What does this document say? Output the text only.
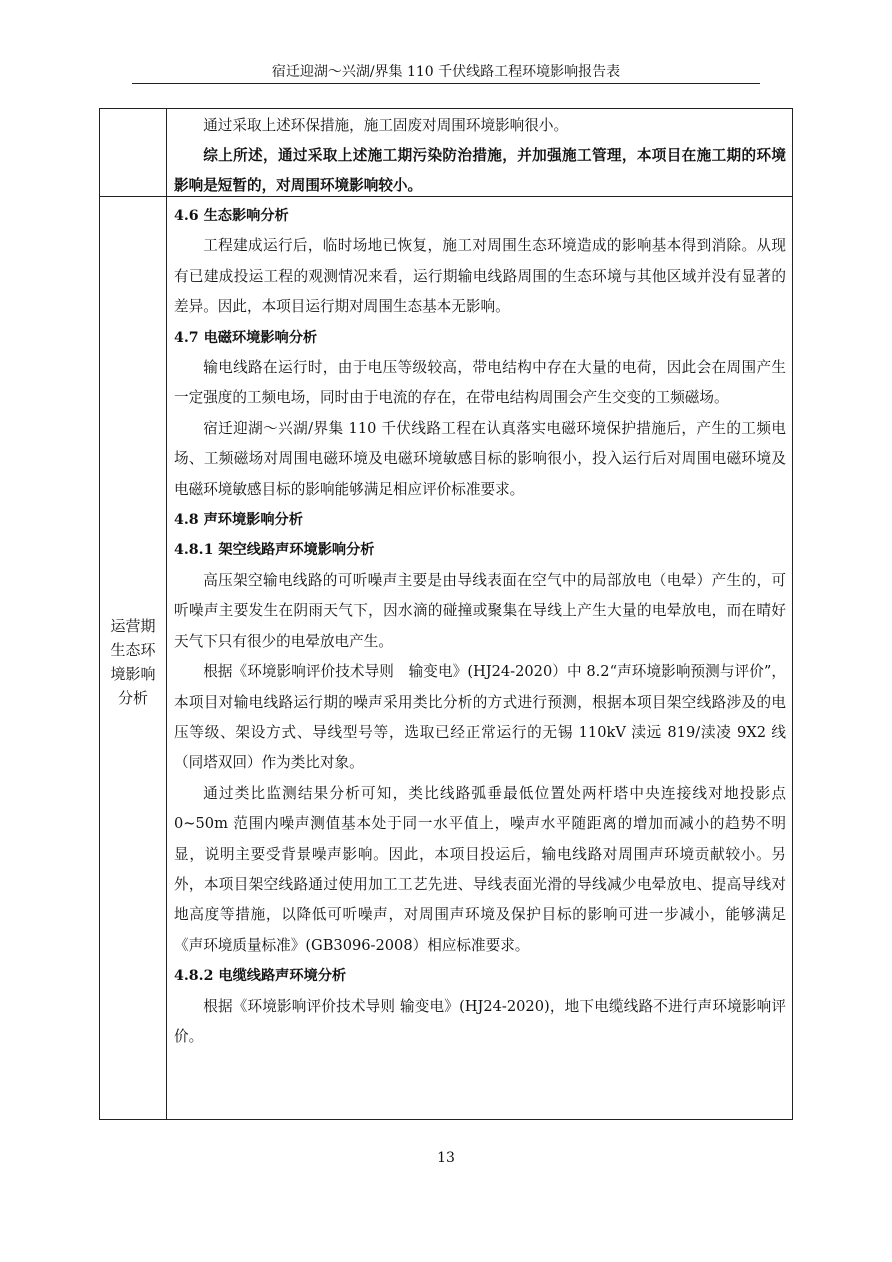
宿迁迎湖～兴湖/界集 110 千伏线路工程环境影响报告表

通过采取上述环保措施，施工固废对周围环境影响很小。

综上所述，通过采取上述施工期污染防治措施，并加强施工管理，本项目在施工期的环境影响是短暂的，对周围环境影响较小。

运营期
生态环
境影响
分析

4.6 生态影响分析

工程建成运行后，临时场地已恢复，施工对周围生态环境造成的影响基本得到消除。从现有已建成投运工程的观测情况来看，运行期输电线路周围的生态环境与其他区域并没有显著的差异。因此，本项目运行期对周围生态基本无影响。

4.7 电磁环境影响分析

输电线路在运行时，由于电压等级较高，带电结构中存在大量的电荷，因此会在周围产生一定强度的工频电场，同时由于电流的存在，在带电结构周围会产生交变的工频磁场。

宿迁迎湖～兴湖/界集 110 千伏线路工程在认真落实电磁环境保护措施后，产生的工频电场、工频磁场对周围电磁环境及电磁环境敏感目标的影响很小，投入运行后对周围电磁环境及电磁环境敏感目标的影响能够满足相应评价标准要求。

4.8 声环境影响分析

4.8.1 架空线路声环境影响分析

高压架空输电线路的可听噪声主要是由导线表面在空气中的局部放电（电晕）产生的，可听噪声主要发生在阴雨天气下，因水滴的碰撞或聚集在导线上产生大量的电晕放电，而在晴好天气下只有很少的电晕放电产生。

根据《环境影响评价技术导则　输变电》(HJ24-2020）中 8.2“声环境影响预测与评价”，本项目对输电线路运行期的噪声采用类比分析的方式进行预测，根据本项目架空线路涉及的电压等级、架设方式、导线型号等，选取已经正常运行的无锡 110kV 渎远 819/渎凌 9X2 线（同塔双回）作为类比对象。

通过类比监测结果分析可知，类比线路弧垂最低位置处两杆塔中央连接线对地投影点 0~50m 范围内噪声测值基本处于同一水平值上，噪声水平随距离的增加而减小的趋势不明显，说明主要受背景噪声影响。因此，本项目投运后，输电线路对周围声环境贡献较小。另外，本项目架空线路通过使用加工工艺先进、导线表面光滑的导线减少电晕放电、提高导线对地高度等措施，以降低可听噪声，对周围声环境及保护目标的影响可进一步减小，能够满足《声环境质量标准》(GB3096-2008）相应标准要求。

4.8.2 电缆线路声环境分析

根据《环境影响评价技术导则 输变电》(HJ24-2020)，地下电缆线路不进行声环境影响评价。

13
